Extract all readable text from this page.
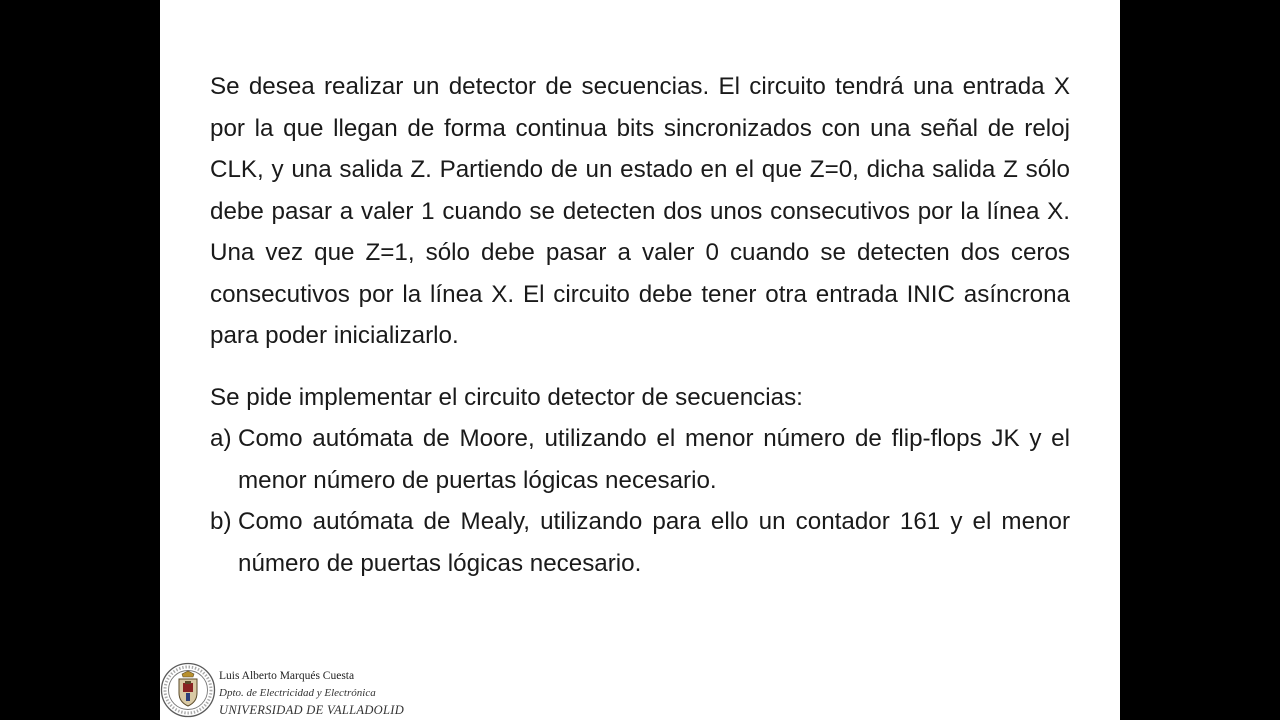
Se desea realizar un detector de secuencias. El circuito tendrá una entrada X por la que llegan de forma continua bits sincronizados con una señal de reloj CLK, y una salida Z. Partiendo de un estado en el que Z=0, dicha salida Z sólo debe pasar a valer 1 cuando se detecten dos unos consecutivos por la línea X. Una vez que Z=1, sólo debe pasar a valer 0 cuando se detecten dos ceros consecutivos por la línea X. El circuito debe tener otra entrada INIC asíncrona para poder inicializarlo.

Se pide implementar el circuito detector de secuencias:

a) Como autómata de Moore, utilizando el menor número de flip-flops JK y el menor número de puertas lógicas necesario.
b) Como autómata de Mealy, utilizando para ello un contador 161 y el menor número de puertas lógicas necesario.
Luis Alberto Marqués Cuesta
Dpto. de Electricidad y Electrónica
UNIVERSIDAD DE VALLADOLID
